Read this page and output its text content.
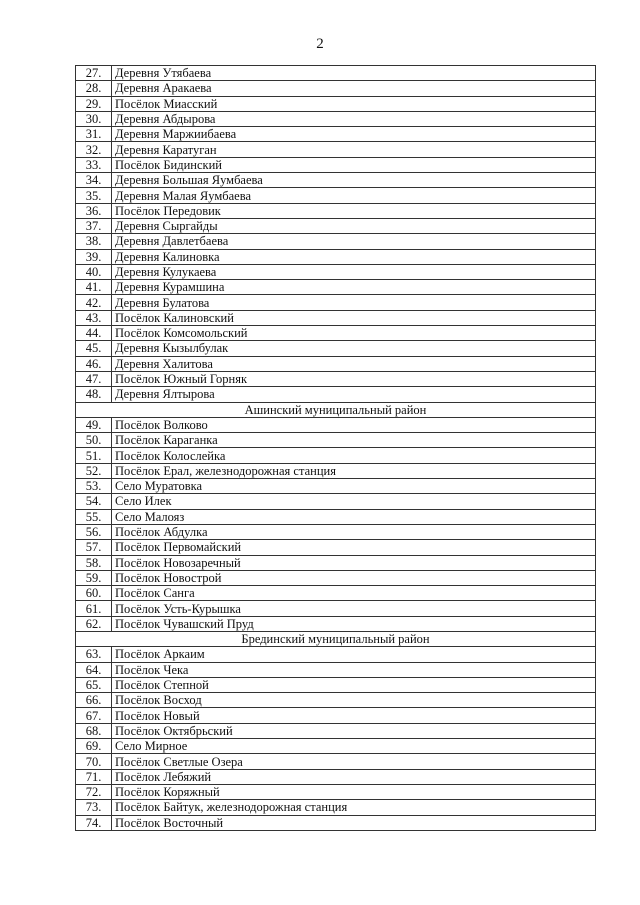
2
27.	Деревня Утябаева
28.	Деревня Аракаева
29.	Посёлок Миасский
30.	Деревня Абдырова
31.	Деревня Маржиибаева
32.	Деревня Каратуган
33.	Посёлок Бидинский
34.	Деревня Большая Яумбаева
35.	Деревня Малая Яумбаева
36.	Посёлок Передовик
37.	Деревня Сыргайды
38.	Деревня Давлетбаева
39.	Деревня Калиновка
40.	Деревня Кулукаева
41.	Деревня Курамшина
42.	Деревня Булатова
43.	Посёлок Калиновский
44.	Посёлок Комсомольский
45.	Деревня Кызылбулак
46.	Деревня Халитова
47.	Посёлок Южный Горняк
48.	Деревня Ялтырова
Ашинский муниципальный район	
49.	Посёлок Волково
50.	Посёлок Караганка
51.	Посёлок Колослейка
52.	Посёлок Ерал, железнодорожная станция
53.	Село Муратовка
54.	Село Илек
55.	Село Малояз
56.	Посёлок Абдулка
57.	Посёлок Первомайский
58.	Посёлок Новозаречный
59.	Посёлок Новострой
60.	Посёлок Санга
61.	Посёлок Усть-Курышка
62.	Посёлок Чувашский Пруд
Брединский муниципальный район	
63.	Посёлок Аркаим
64.	Посёлок Чека
65.	Посёлок Степной
66.	Посёлок Восход
67.	Посёлок Новый
68.	Посёлок Октябрьский
69.	Село Мирное
70.	Посёлок Светлые Озера
71.	Посёлок Лебяжий
72.	Посёлок Коряжный
73.	Посёлок Байтук, железнодорожная станция
74.	Посёлок Восточный
